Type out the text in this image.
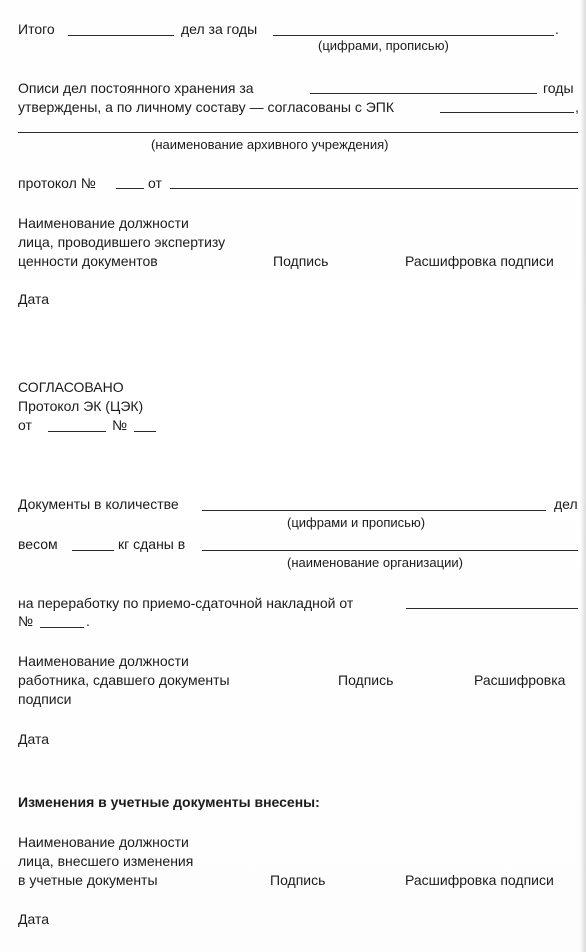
Итого	дел за годы	.
(цифрами, прописью)
Описи дел постоянного хранения за	годы
утверждены, а по личному составу — согласованы с ЭПК	,
(наименование архивного учреждения)
протокол №	от
Наименование должности
лица, проводившего экспертизу
ценности документов	Подпись	Расшифровка подписи
Дата
СОГЛАСОВАНО
Протокол ЭК (ЦЭК)
от	№
Документы в количестве	дел
(цифрами и прописью)
весом	кг сданы в
(наименование организации)
на переработку по приемо-сдаточной накладной от
№	.
Наименование должности
работника, сдавшего документы	Подпись	Расшифровка
подписи
Дата
Изменения в учетные документы внесены:
Наименование должности
лица, внесшего изменения
в учетные документы	Подпись	Расшифровка подписи
Дата
